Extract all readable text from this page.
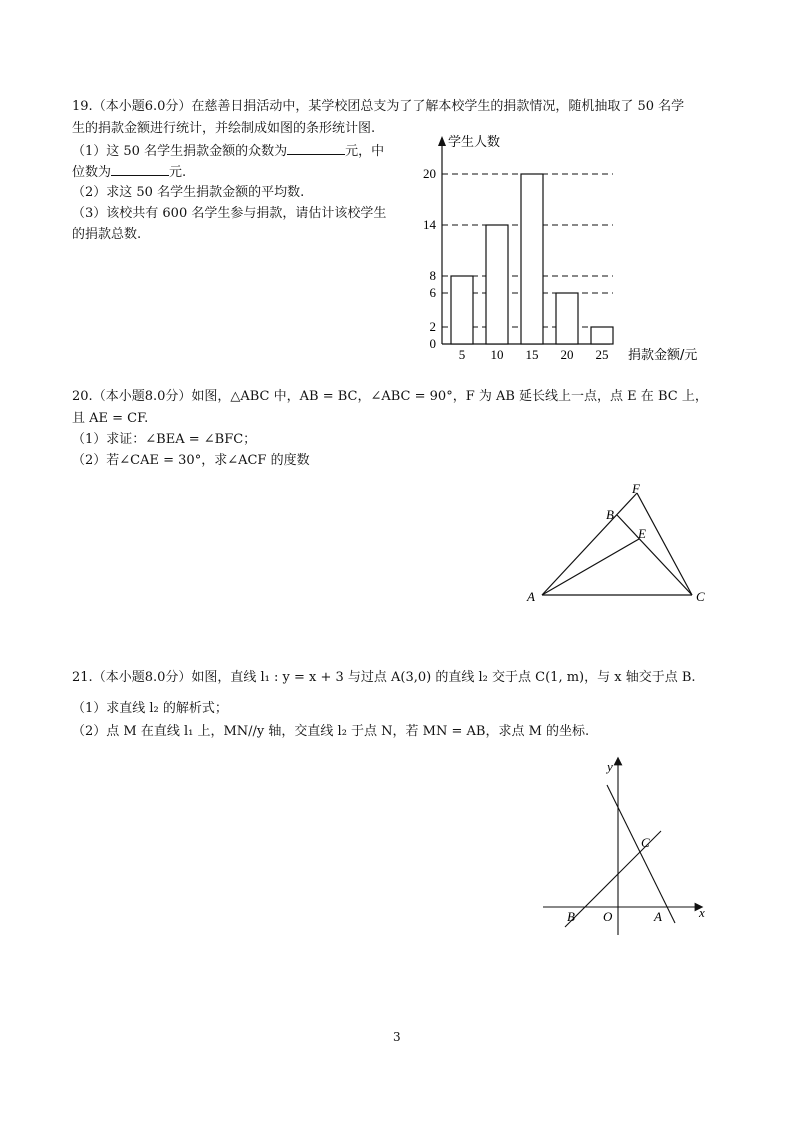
19.（本小题6.0分）在慈善日捐活动中，某学校团总支为了了解本校学生的捐款情况，随机抽取了 50 名学
生的捐款金额进行统计，并绘制成如图的条形统计图.
（1）这 50 名学生捐款金额的众数为	元，中
位数为	元.
（2）求这 50 名学生捐款金额的平均数.
（3）该校共有 600 名学生参与捐款，请估计该校学生
的捐款总数.
学生人数
捐款金额/元
0
2
6
8
14
20
5 10 15 20 25
20.（本小题8.0分）如图，△ABC 中，AB = BC，∠ABC = 90°，F 为 AB 延长线上一点，点 E 在 BC 上，
且 AE = CF.
（1）求证：∠BEA = ∠BFC；
（2）若∠CAE = 30°，求∠ACF 的度数
F
B
E
A	C
21.（本小题8.0分）如图，直线 l₁ : y = x + 3 与过点 A(3,0) 的直线 l₂ 交于点 C(1, m)，与 x 轴交于点 B.
（1）求直线 l₂ 的解析式；
（2）点 M 在直线 l₁ 上，MN//y 轴，交直线 l₂ 于点 N，若 MN = AB，求点 M 的坐标.
y
x
C
B O	A
3
